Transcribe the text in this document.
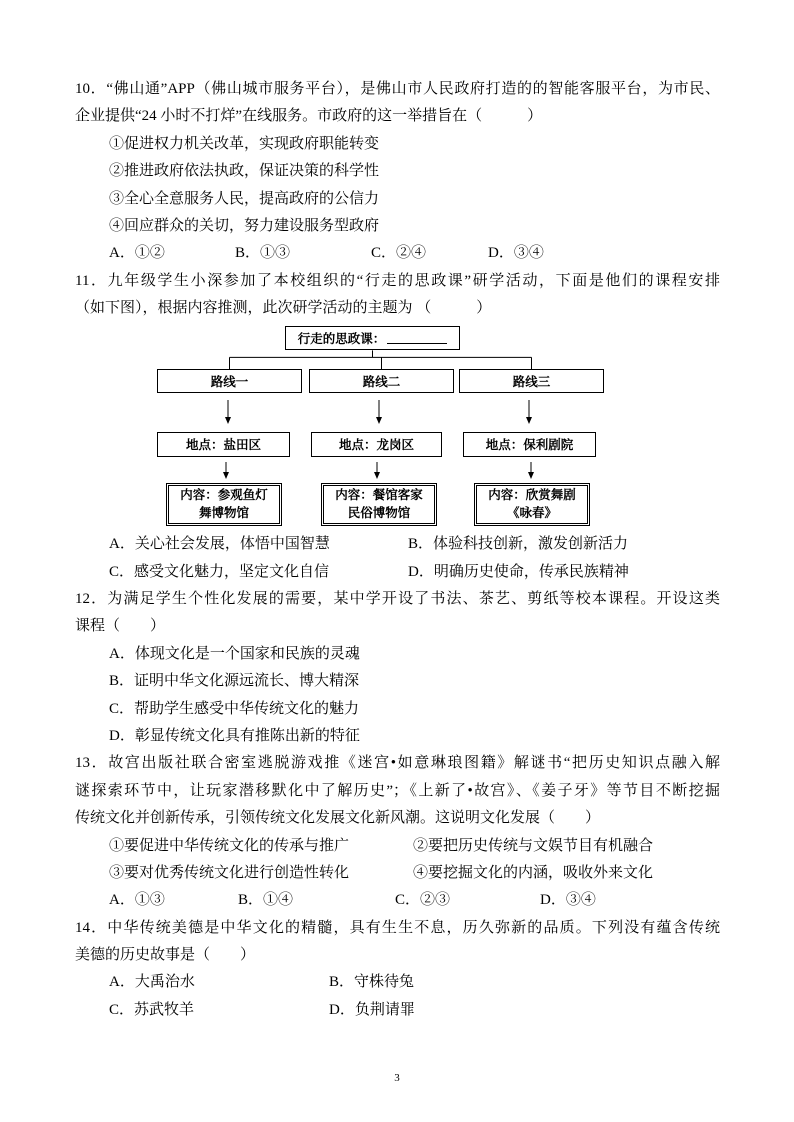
10．“佛山通”APP（佛山城市服务平台），是佛山市人民政府打造的的智能客服平台，为市民、
企业提供“24 小时不打烊”在线服务。市政府的这一举措旨在（　　　）
①促进权力机关改革，实现政府职能转变
②推进政府依法执政，保证决策的科学性
③全心全意服务人民，提高政府的公信力
④回应群众的关切，努力建设服务型政府
A．①②	B．①③	C．②④	D．③④
11．九年级学生小深参加了本校组织的“行走的思政课”研学活动，下面是他们的课程安排
（如下图），根据内容推测，此次研学活动的主题为 （　　　）
行走的思政课：
路线一	路线二	路线三
地点：盐田区	地点：龙岗区	地点：保利剧院
内容：参观鱼灯
舞博物馆
内容：餐馆客家
民俗博物馆
内容：欣赏舞剧
《咏春》
A．关心社会发展，体悟中国智慧	B．体验科技创新，激发创新活力
C．感受文化魅力，坚定文化自信	D．明确历史使命，传承民族精神
12．为满足学生个性化发展的需要，某中学开设了书法、茶艺、剪纸等校本课程。开设这类
课程（　　）
A．体现文化是一个国家和民族的灵魂
B．证明中华文化源远流长、博大精深
C．帮助学生感受中华传统文化的魅力
D．彰显传统文化具有推陈出新的特征
13．故宫出版社联合密室逃脱游戏推《迷宫•如意琳琅图籍》解谜书“把历史知识点融入解
谜探索环节中，让玩家潜移默化中了解历史”；《上新了•故宫》、《姜子牙》等节目不断挖掘
传统文化并创新传承，引领传统文化发展文化新风潮。这说明文化发展（　　）
①要促进中华传统文化的传承与推广	②要把历史传统与文娱节目有机融合
③要对优秀传统文化进行创造性转化	④要挖掘文化的内涵，吸收外来文化
A．①③	B．①④	C．②③	D．③④
14．中华传统美德是中华文化的精髓，具有生生不息，历久弥新的品质。下列没有蕴含传统
美德的历史故事是（　　）
A．大禹治水	B．守株待兔
C．苏武牧羊	D．负荆请罪
3
